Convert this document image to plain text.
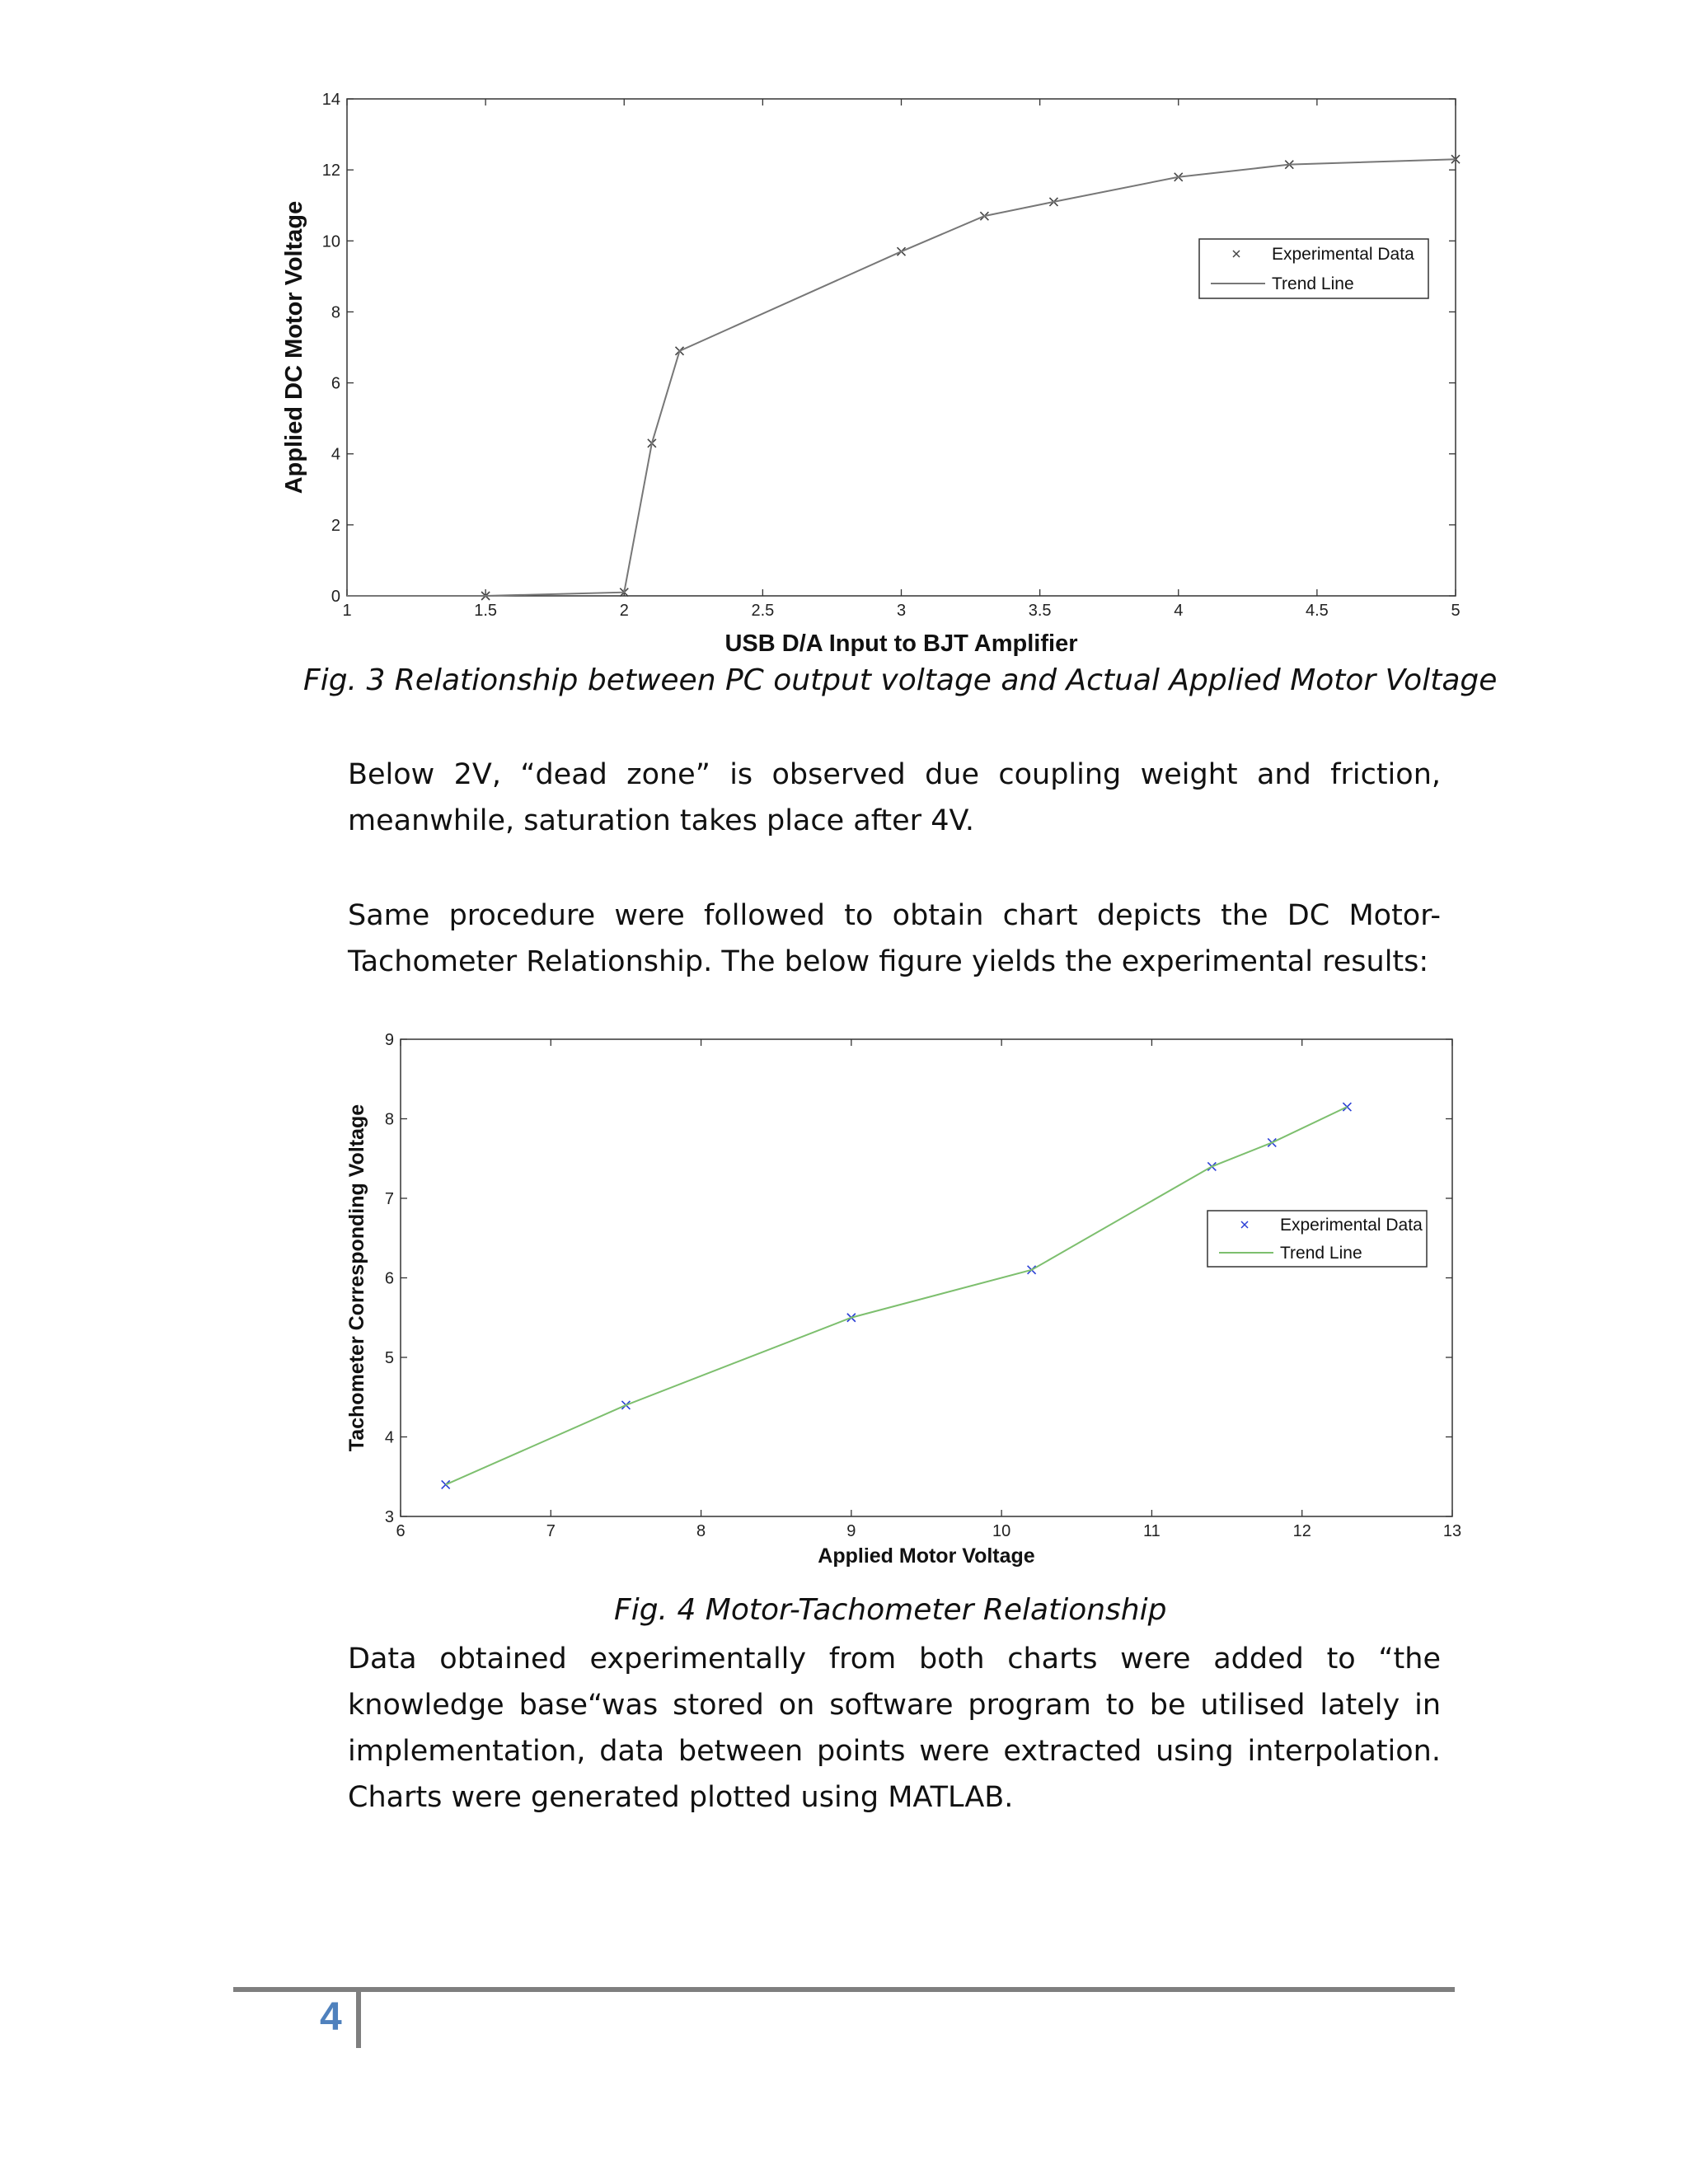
1	1.5	2	2.5	3	3.5	4	4.5	5
0
2
4
6
8
10
12
14
USB D/A Input to BJT Amplifier
Applied DC Motor Voltage	Experimental Data
Trend Line
Fig. 3 Relationship between PC output voltage and Actual Applied Motor Voltage

Below 2V, “dead zone” is observed due coupling weight and friction, meanwhile, saturation takes place after 4V.

Same procedure were followed to obtain chart depicts the DC Motor-Tachometer Relationship. The below figure yields the experimental results:

6	7	8	9	10	11	12	13
3
4
5
6
7
8
9
Applied Motor Voltage
Tachometer Corresponding Voltage	Experimental Data
Trend Line
Fig. 4 Motor-Tachometer Relationship

Data obtained experimentally from both charts were added to “the knowledge base“was stored on software program to be utilised lately in implementation, data between points were extracted using interpolation. Charts were generated plotted using MATLAB.

4
